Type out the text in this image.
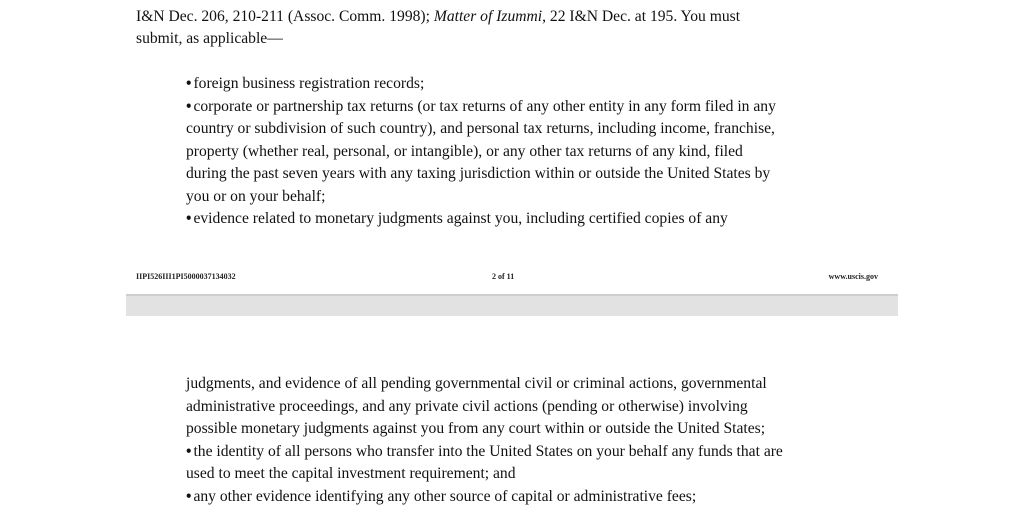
I&N Dec. 206, 210-211 (Assoc. Comm. 1998); Matter of Izummi, 22 I&N Dec. at 195. You must
submit, as applicable—
• foreign business registration records;
• corporate or partnership tax returns (or tax returns of any other entity in any form filed in any
country or subdivision of such country), and personal tax returns, including income, franchise,
property (whether real, personal, or intangible), or any other tax returns of any kind, filed
during the past seven years with any taxing jurisdiction within or outside the United States by
you or on your behalf;
• evidence related to monetary judgments against you, including certified copies of any
IIPI526III1PI5000037134032	2 of 11	www.uscis.gov
judgments, and evidence of all pending governmental civil or criminal actions, governmental
administrative proceedings, and any private civil actions (pending or otherwise) involving
possible monetary judgments against you from any court within or outside the United States;
• the identity of all persons who transfer into the United States on your behalf any funds that are
used to meet the capital investment requirement; and
• any other evidence identifying any other source of capital or administrative fees;
